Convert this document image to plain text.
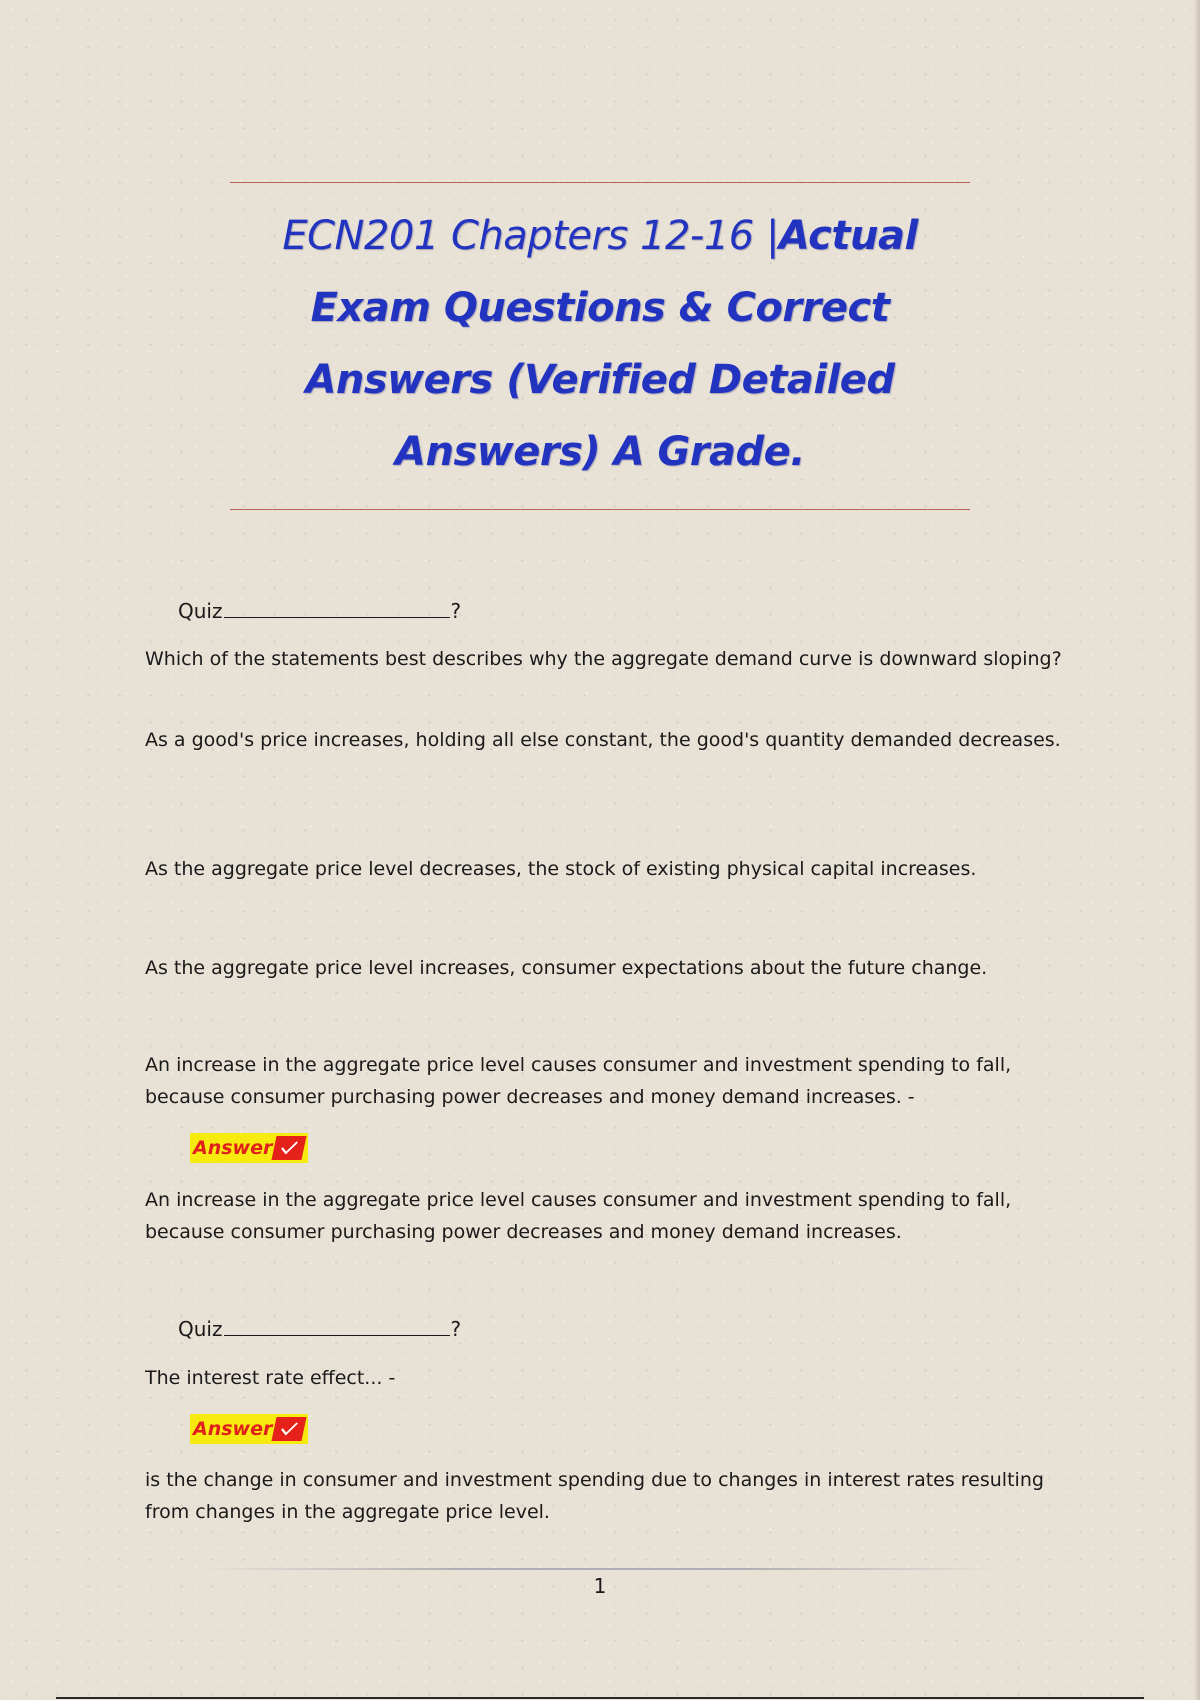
ECN201 Chapters 12-16 |Actual Exam Questions & Correct Answers (Verified Detailed Answers) A Grade.
Quiz	?
Which of the statements best describes why the aggregate demand curve is downward sloping?
As a good's price increases, holding all else constant, the good's quantity demanded decreases.
As the aggregate price level decreases, the stock of existing physical capital increases.
As the aggregate price level increases, consumer expectations about the future change.
An increase in the aggregate price level causes consumer and investment spending to fall, because consumer purchasing power decreases and money demand increases. -
Answer
An increase in the aggregate price level causes consumer and investment spending to fall, because consumer purchasing power decreases and money demand increases.
Quiz	?
The interest rate effect... -
Answer
is the change in consumer and investment spending due to changes in interest rates resulting from changes in the aggregate price level.
1
